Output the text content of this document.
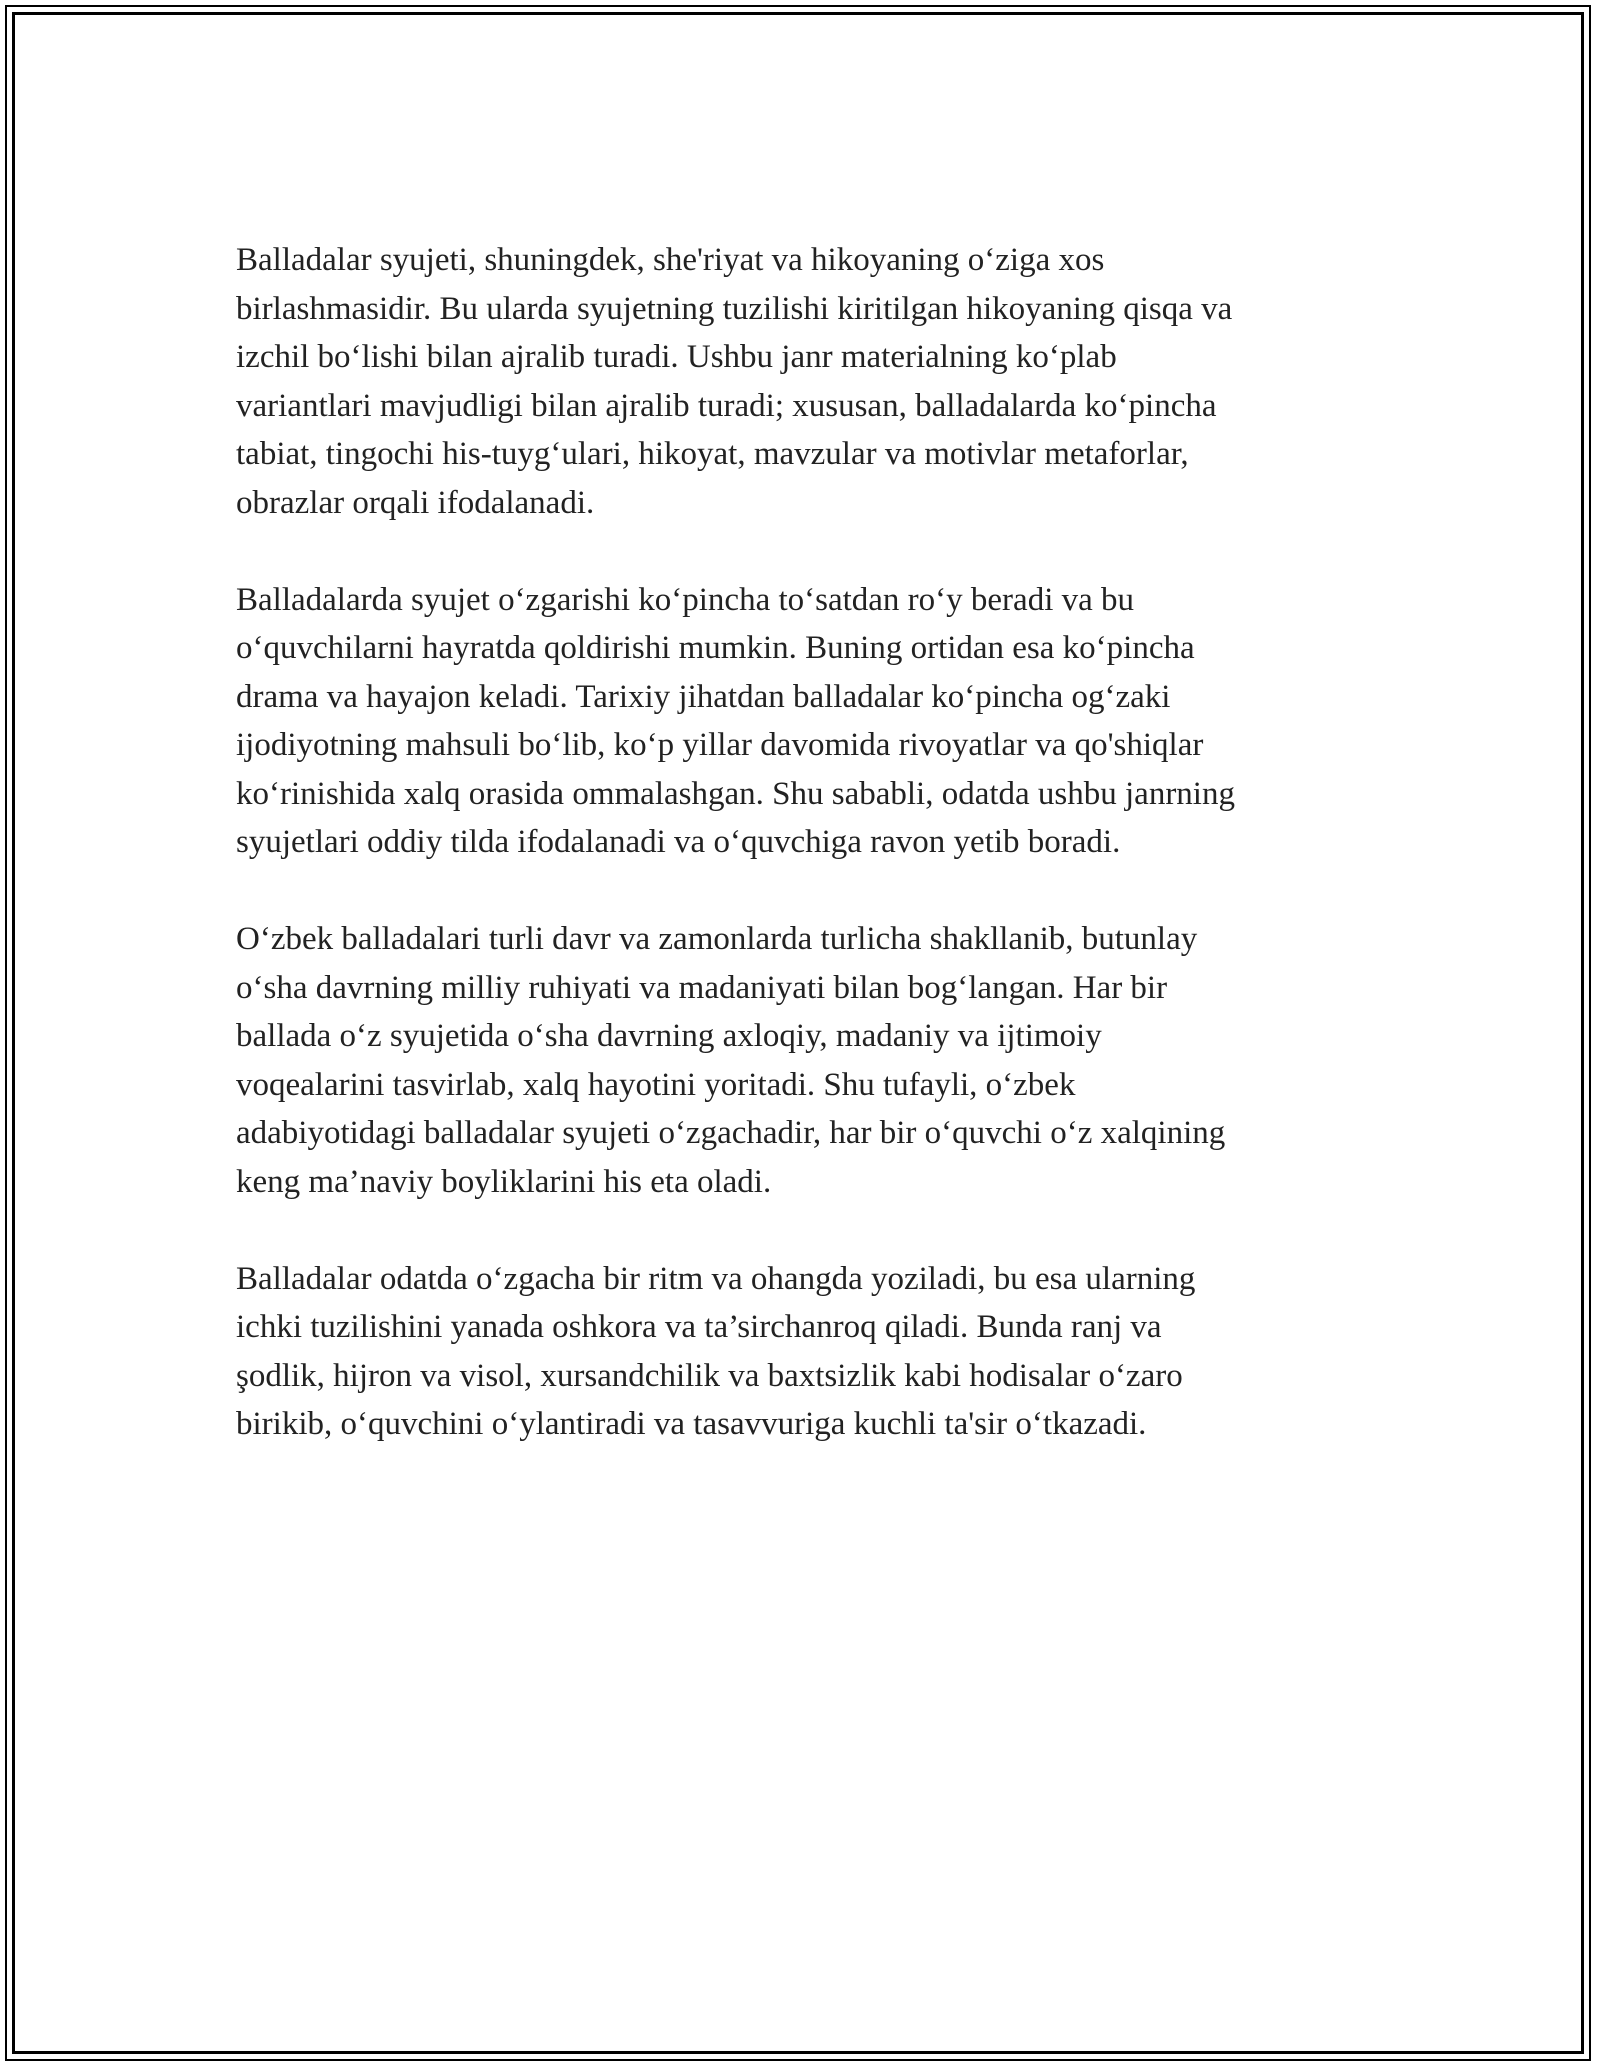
Balladalar syujeti, shuningdek, she'riyat va hikoyaning o‘ziga xos
birlashmasidir. Bu ularda syujetning tuzilishi kiritilgan hikoyaning qisqa va
izchil bo‘lishi bilan ajralib turadi. Ushbu janr materialning ko‘plab
variantlari mavjudligi bilan ajralib turadi; xususan, balladalarda ko‘pincha
tabiat, tingochi his-tuyg‘ulari, hikoyat, mavzular va motivlar metaforlar,
obrazlar orqali ifodalanadi.

Balladalarda syujet o‘zgarishi ko‘pincha to‘satdan ro‘y beradi va bu
o‘quvchilarni hayratda qoldirishi mumkin. Buning ortidan esa ko‘pincha
drama va hayajon keladi. Tarixiy jihatdan balladalar ko‘pincha og‘zaki
ijodiyotning mahsuli bo‘lib, ko‘p yillar davomida rivoyatlar va qo'shiqlar
ko‘rinishida xalq orasida ommalashgan. Shu sababli, odatda ushbu janrning
syujetlari oddiy tilda ifodalanadi va o‘quvchiga ravon yetib boradi.

O‘zbek balladalari turli davr va zamonlarda turlicha shakllanib, butunlay
o‘sha davrning milliy ruhiyati va madaniyati bilan bog‘langan. Har bir
ballada o‘z syujetida o‘sha davrning axloqiy, madaniy va ijtimoiy
voqealarini tasvirlab, xalq hayotini yoritadi. Shu tufayli, o‘zbek
adabiyotidagi balladalar syujeti o‘zgachadir, har bir o‘quvchi o‘z xalqining
keng ma’naviy boyliklarini his eta oladi.

Balladalar odatda o‘zgacha bir ritm va ohangda yoziladi, bu esa ularning
ichki tuzilishini yanada oshkora va ta’sirchanroq qiladi. Bunda ranj va
şodlik, hijron va visol, xursandchilik va baxtsizlik kabi hodisalar o‘zaro
birikib, o‘quvchini o‘ylantiradi va tasavvuriga kuchli ta'sir o‘tkazadi.
